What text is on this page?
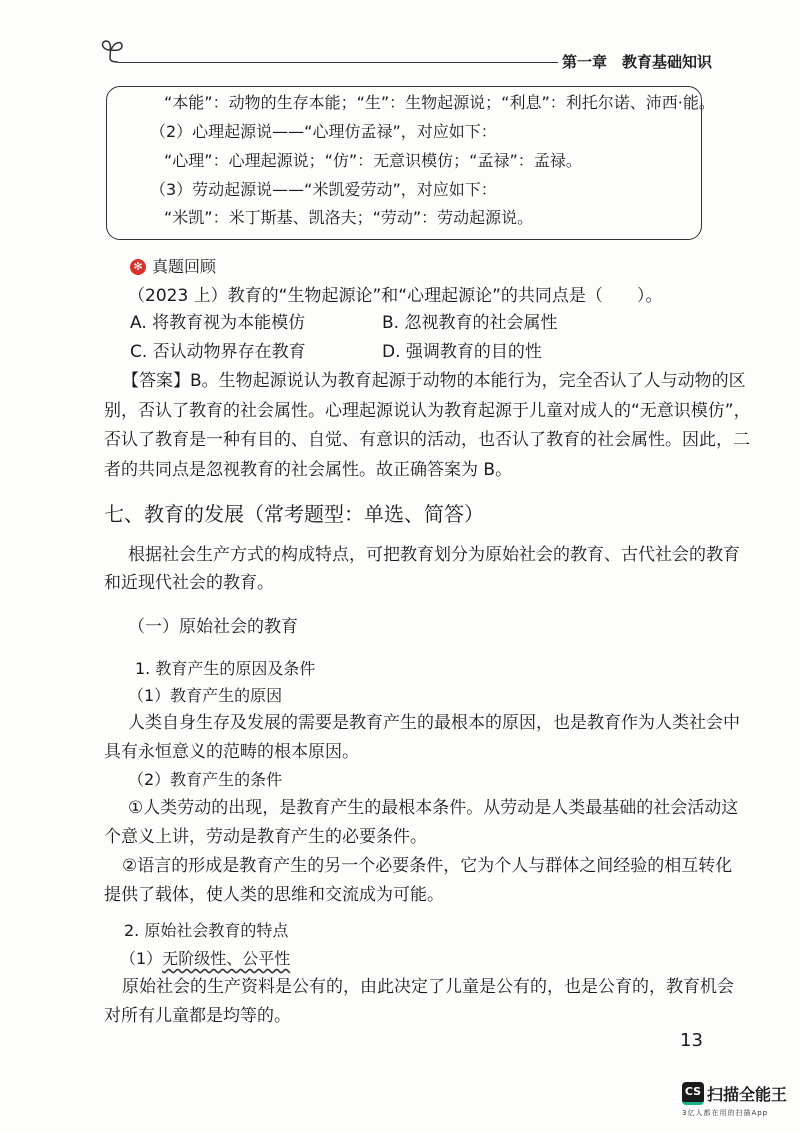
第一章　教育基础知识
“本能”：动物的生存本能；“生”：生物起源说；“利息”：利托尔诺、沛西·能。
（2）心理起源说——“心理仿孟禄”，对应如下：
“心理”：心理起源说；“仿”：无意识模仿；“孟禄”：孟禄。
（3）劳动起源说——“米凯爱劳动”，对应如下：
“米凯”：米丁斯基、凯洛夫；“劳动”：劳动起源说。
✻ 真题回顾
（2023 上）教育的“生物起源论”和“心理起源论”的共同点是（　　）。
A. 将教育视为本能模仿	B. 忽视教育的社会属性
C. 否认动物界存在教育	D. 强调教育的目的性
【答案】B。生物起源说认为教育起源于动物的本能行为，完全否认了人与动物的区
别，否认了教育的社会属性。心理起源说认为教育起源于儿童对成人的“无意识模仿”，
否认了教育是一种有目的、自觉、有意识的活动，也否认了教育的社会属性。因此，二
者的共同点是忽视教育的社会属性。故正确答案为 B。
七、教育的发展（常考题型：单选、简答）
根据社会生产方式的构成特点，可把教育划分为原始社会的教育、古代社会的教育
和近现代社会的教育。
（一）原始社会的教育
1. 教育产生的原因及条件
（1）教育产生的原因
人类自身生存及发展的需要是教育产生的最根本的原因，也是教育作为人类社会中
具有永恒意义的范畴的根本原因。
（2）教育产生的条件
①人类劳动的出现，是教育产生的最根本条件。从劳动是人类最基础的社会活动这
个意义上讲，劳动是教育产生的必要条件。
②语言的形成是教育产生的另一个必要条件，它为个人与群体之间经验的相互转化
提供了载体，使人类的思维和交流成为可能。
2. 原始社会教育的特点
（1）无阶级性、公平性
原始社会的生产资料是公有的，由此决定了儿童是公有的，也是公育的，教育机会
对所有儿童都是均等的。
13
CS 扫描全能王
3亿人都在用的扫描App
